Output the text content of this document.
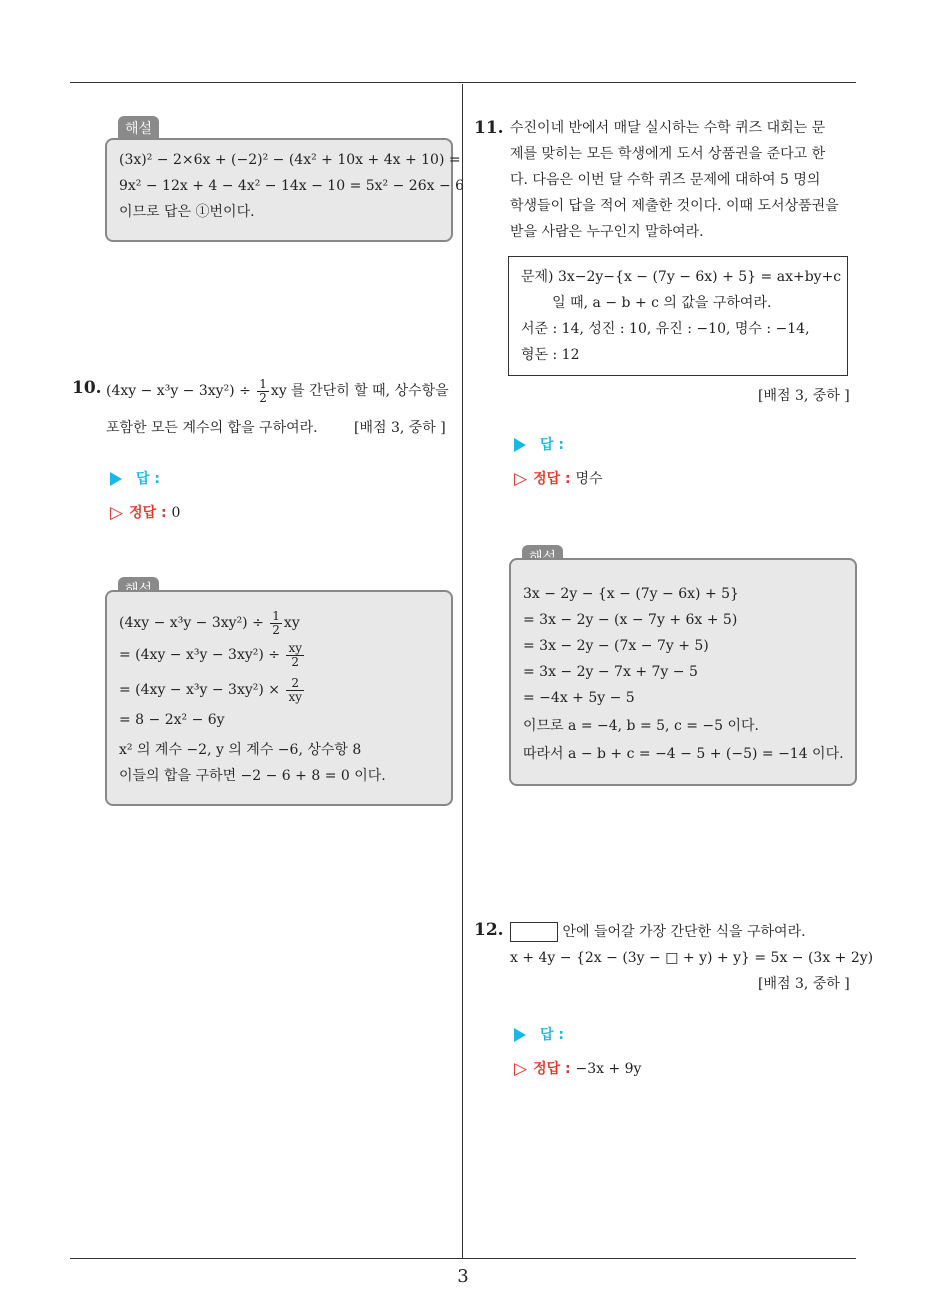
해설
(3x)² − 2×6x + (−2)² − (4x² + 10x + 4x + 10) =
9x² − 12x + 4 − 4x² − 14x − 10 = 5x² − 26x − 6
이므로 답은 ①번이다.
10. $(4xy - x^3y - 3xy^2) \div \frac{1}{2}$ xy 를 간단히 할 때, 상수항을
포함한 모든 계수의 합을 구하여라.	[배점 3, 중하 ]
답 :
▷ 정답 : 0
$(4xy - x^3y - 3xy^2) \div \frac{1}{2}$ xy
= $(4xy - x^3y - 3xy^2) \div \frac{xy}{2}$
= $(4xy - x^3y - 3xy^2) \times \frac{2}{xy}$
= 8 − 2x² − 6y
x² 의 계수 −2, y 의 계수 −6, 상수항 8
이들의 합을 구하면 −2 − 6 + 8 = 0 이다.
11. 수진이네 반에서 매달 실시하는 수학 퀴즈 대회는 문
제를 맞히는 모든 학생에게 도서 상품권을 준다고 한
다. 다음은 이번 달 수학 퀴즈 문제에 대하여 5 명의
학생들이 답을 적어 제출한 것이다. 이때 도서상품권을
받을 사람은 누구인지 말하여라.
문제) 3x−2y−{x − (7y − 6x) + 5} = ax+by+c
일 때, a − b + c 의 값을 구하여라.
서준 : 14, 성진 : 10, 유진 : −10, 명수 : −14,
형돈 : 12
[배점 3, 중하 ]
답 :
▷ 정답 : 명수
3x − 2y − {x − (7y − 6x) + 5}
= 3x − 2y − (x − 7y + 6x + 5)
= 3x − 2y − (7x − 7y + 5)
= 3x − 2y − 7x + 7y − 5
= −4x + 5y − 5
이므로 a = −4, b = 5, c = −5 이다.
따라서 a − b + c = −4 − 5 + (−5) = −14 이다.
12.	안에 들어갈 가장 간단한 식을 구하여라.
x + 4y − {2x − (3y − □ + y) + y} = 5x − (3x + 2y)
[배점 3, 중하 ]
답 :
▷ 정답 : −3x + 9y
3
